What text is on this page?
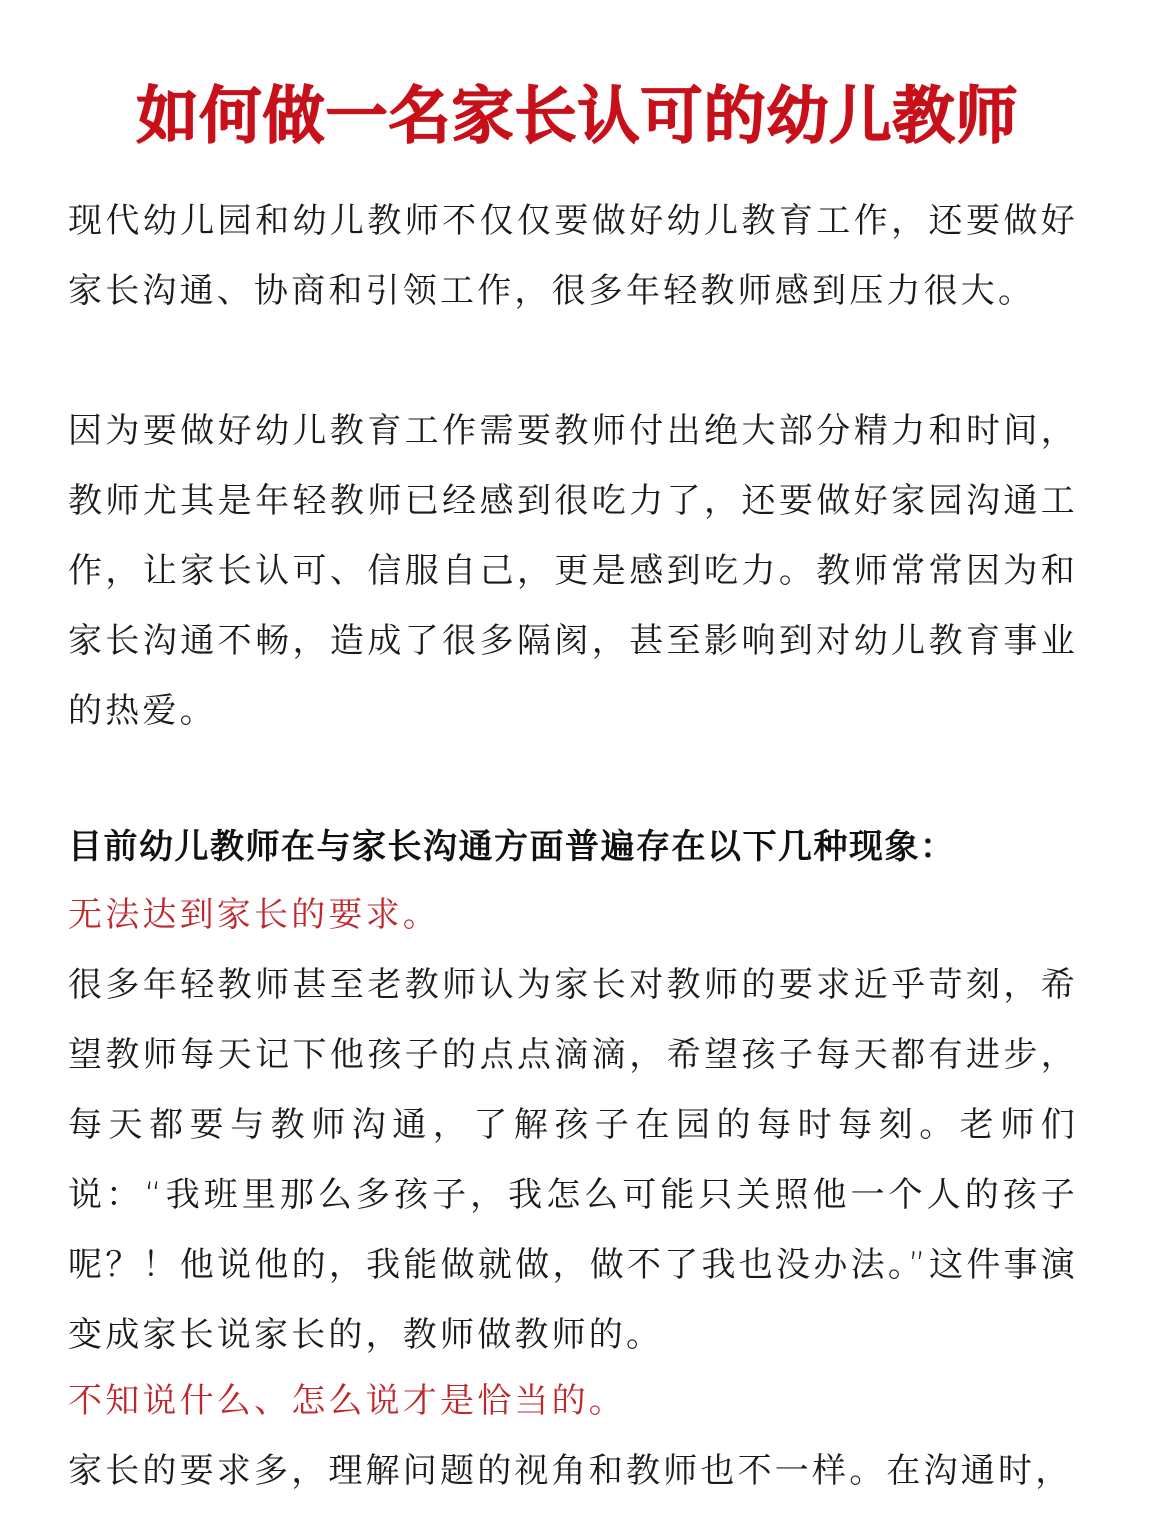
如何做一名家长认可的幼儿教师

现代幼儿园和幼儿教师不仅仅要做好幼儿教育工作，还要做好家长沟通、协商和引领工作，很多年轻教师感到压力很大。

因为要做好幼儿教育工作需要教师付出绝大部分精力和时间，教师尤其是年轻教师已经感到很吃力了，还要做好家园沟通工作，让家长认可、信服自己，更是感到吃力。教师常常因为和家长沟通不畅，造成了很多隔阂，甚至影响到对幼儿教育事业的热爱。

目前幼儿教师在与家长沟通方面普遍存在以下几种现象：

无法达到家长的要求。

很多年轻教师甚至老教师认为家长对教师的要求近乎苛刻，希望教师每天记下他孩子的点点滴滴，希望孩子每天都有进步，每天都要与教师沟通，了解孩子在园的每时每刻。老师们说：“我班里那么多孩子，我怎么可能只关照他一个人的孩子呢？！他说他的，我能做就做，做不了我也没办法。”这件事演变成家长说家长的，教师做教师的。

不知说什么、怎么说才是恰当的。

家长的要求多，理解问题的视角和教师也不一样。在沟通时，
